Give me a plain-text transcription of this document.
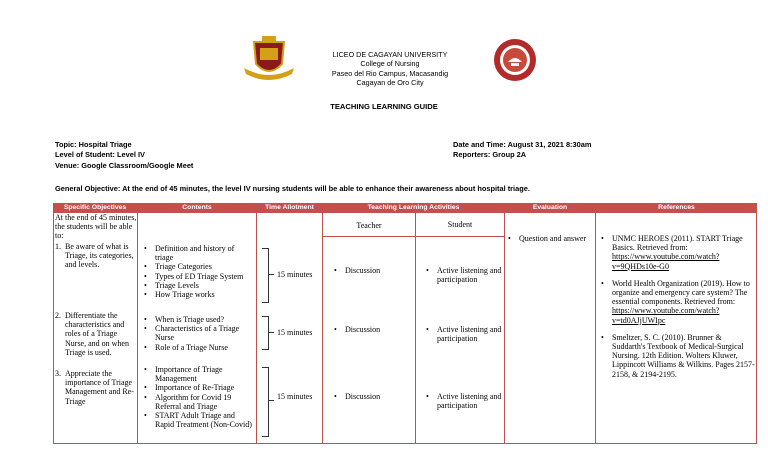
LICEO DE CAGAYAN UNIVERSITY
College of Nursing
Paseo del Rio Campus, Macasandig
Cagayan de Oro City
TEACHING LEARNING GUIDE
Topic: Hospital Triage
Level of Student: Level IV
Venue: Google Classroom/Google Meet
Date and Time: August 31, 2021 8:30am
Reporters: Group 2A
General Objective: At the end of 45 minutes, the level IV nursing students will be able to enhance their awareness about hospital triage.
Specific Objectives	Contents	Time Allotment	Teaching Learning Activities	Evaluation	References
Teacher	Student
At the end of 45 minutes, the students will be able to:
1. Be aware of what is Triage, its categories, and levels.
2. Differentiate the characteristics and roles of a Triage Nurse, and on when Triage is used.
3. Appreciate the importance of Triage Management and Re-Triage
• Definition and history of triage
• Triage Categories
• Types of ED Triage System
• Triage Levels
• How Triage works
• When is Triage used?
• Characteristics of a Triage Nurse
• Role of a Triage Nurse
• Importance of Triage Management
• Importance of Re-Triage
• Algorithm for Covid 19 Referral and Triage
• START Adult Triage and Rapid Treatment (Non-Covid)
15 minutes
15 minutes
15 minutes
• Discussion
• Discussion
• Discussion
• Active listening and participation
• Active listening and participation
• Active listening and participation
• Question and answer
•	UNMC HEROES (2011). START Triage Basics. Retrieved from: https://www.youtube.com/watch?v=9QHDs10e-G0
• World Health Organization (2019). How to organize and emergency care system? The essential components. Retrieved from: https://www.youtube.com/watch?v=td0AJjUWIpc
• Smeltzer, S. C. (2010). Brunner & Suddarth's Textbook of Medical-Surgical Nursing. 12th Edition. Wolters Kluwer, Lippincott Williams & Wilkins. Pages 2157-2158, & 2194-2195.
